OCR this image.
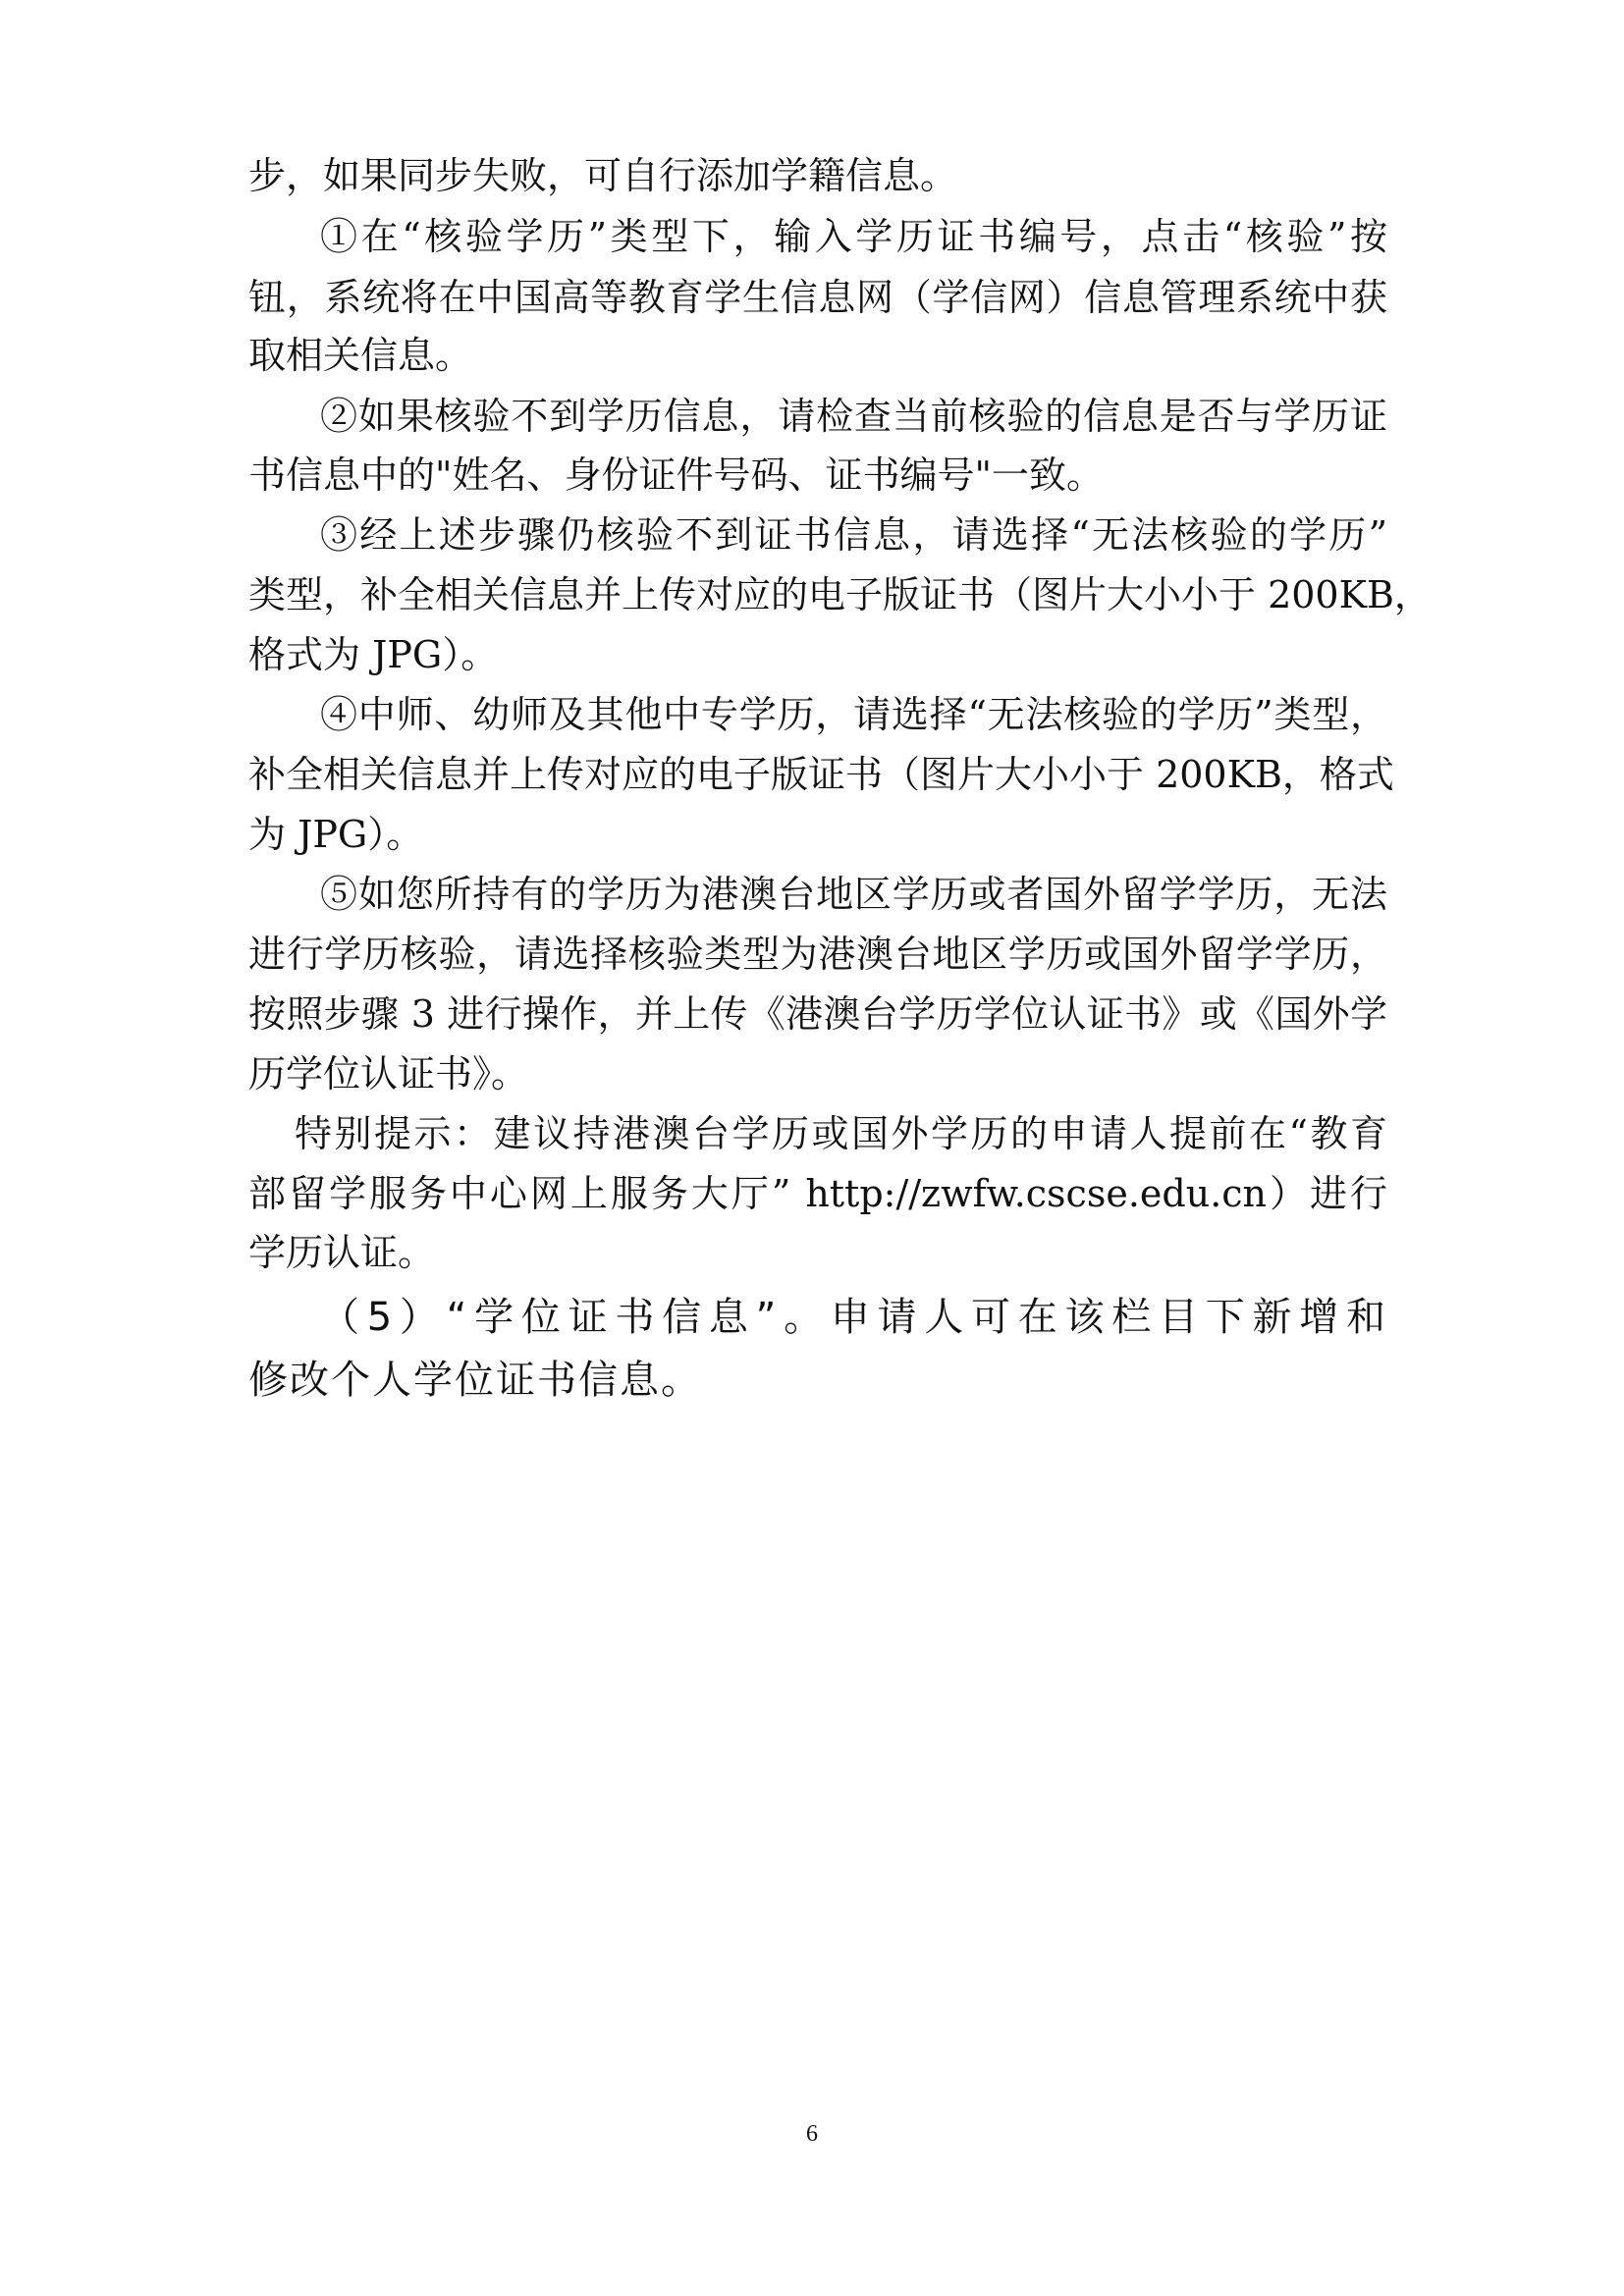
步，如果同步失败，可自行添加学籍信息。
①在“核验学历”类型下，输入学历证书编号，点击“核验”按
钮，系统将在中国高等教育学生信息网（学信网）信息管理系统中获
取相关信息。
②如果核验不到学历信息，请检查当前核验的信息是否与学历证
书信息中的"姓名、身份证件号码、证书编号"一致。
③经上述步骤仍核验不到证书信息，请选择“无法核验的学历”
类型，补全相关信息并上传对应的电子版证书（图片大小小于 200KB，
格式为 JPG）。
④中师、幼师及其他中专学历，请选择“无法核验的学历”类型，
补全相关信息并上传对应的电子版证书（图片大小小于 200KB，格式
为 JPG）。
⑤如您所持有的学历为港澳台地区学历或者国外留学学历，无法
进行学历核验，请选择核验类型为港澳台地区学历或国外留学学历，
按照步骤 3 进行操作，并上传《港澳台学历学位认证书》或《国外学
历学位认证书》。
特别提示：建议持港澳台学历或国外学历的申请人提前在“教育
部留学服务中心网上服务大厅” http://zwfw.cscse.edu.cn）进行
学历认证。
（5）“学位证书信息”。申请人可在该栏目下新增和
修改个人学位证书信息。
6
